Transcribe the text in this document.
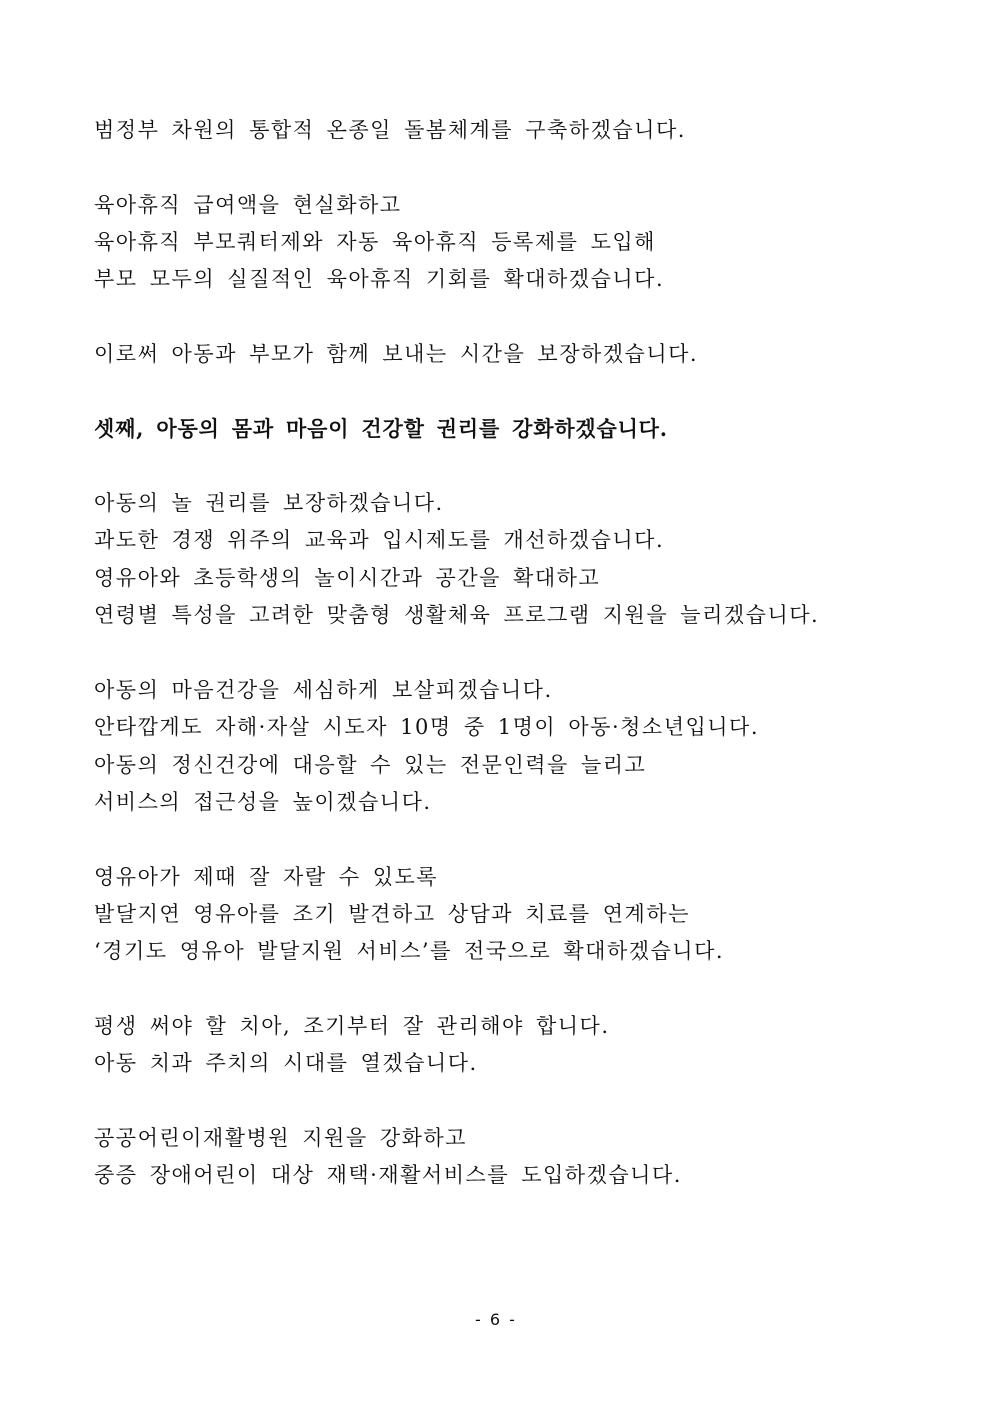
범정부 차원의 통합적 온종일 돌봄체계를 구축하겠습니다.
육아휴직 급여액을 현실화하고
육아휴직 부모쿼터제와 자동 육아휴직 등록제를 도입해
부모 모두의 실질적인 육아휴직 기회를 확대하겠습니다.
이로써 아동과 부모가 함께 보내는 시간을 보장하겠습니다.
셋째, 아동의 몸과 마음이 건강할 권리를 강화하겠습니다.
아동의 놀 권리를 보장하겠습니다.
과도한 경쟁 위주의 교육과 입시제도를 개선하겠습니다.
영유아와 초등학생의 놀이시간과 공간을 확대하고
연령별 특성을 고려한 맞춤형 생활체육 프로그램 지원을 늘리겠습니다.
아동의 마음건강을 세심하게 보살피겠습니다.
안타깝게도 자해·자살 시도자 10명 중 1명이 아동·청소년입니다.
아동의 정신건강에 대응할 수 있는 전문인력을 늘리고
서비스의 접근성을 높이겠습니다.
영유아가 제때 잘 자랄 수 있도록
발달지연 영유아를 조기 발견하고 상담과 치료를 연계하는
‘경기도 영유아 발달지원 서비스’를 전국으로 확대하겠습니다.
평생 써야 할 치아, 조기부터 잘 관리해야 합니다.
아동 치과 주치의 시대를 열겠습니다.
공공어린이재활병원 지원을 강화하고
중증 장애어린이 대상 재택·재활서비스를 도입하겠습니다.
- 6 -
